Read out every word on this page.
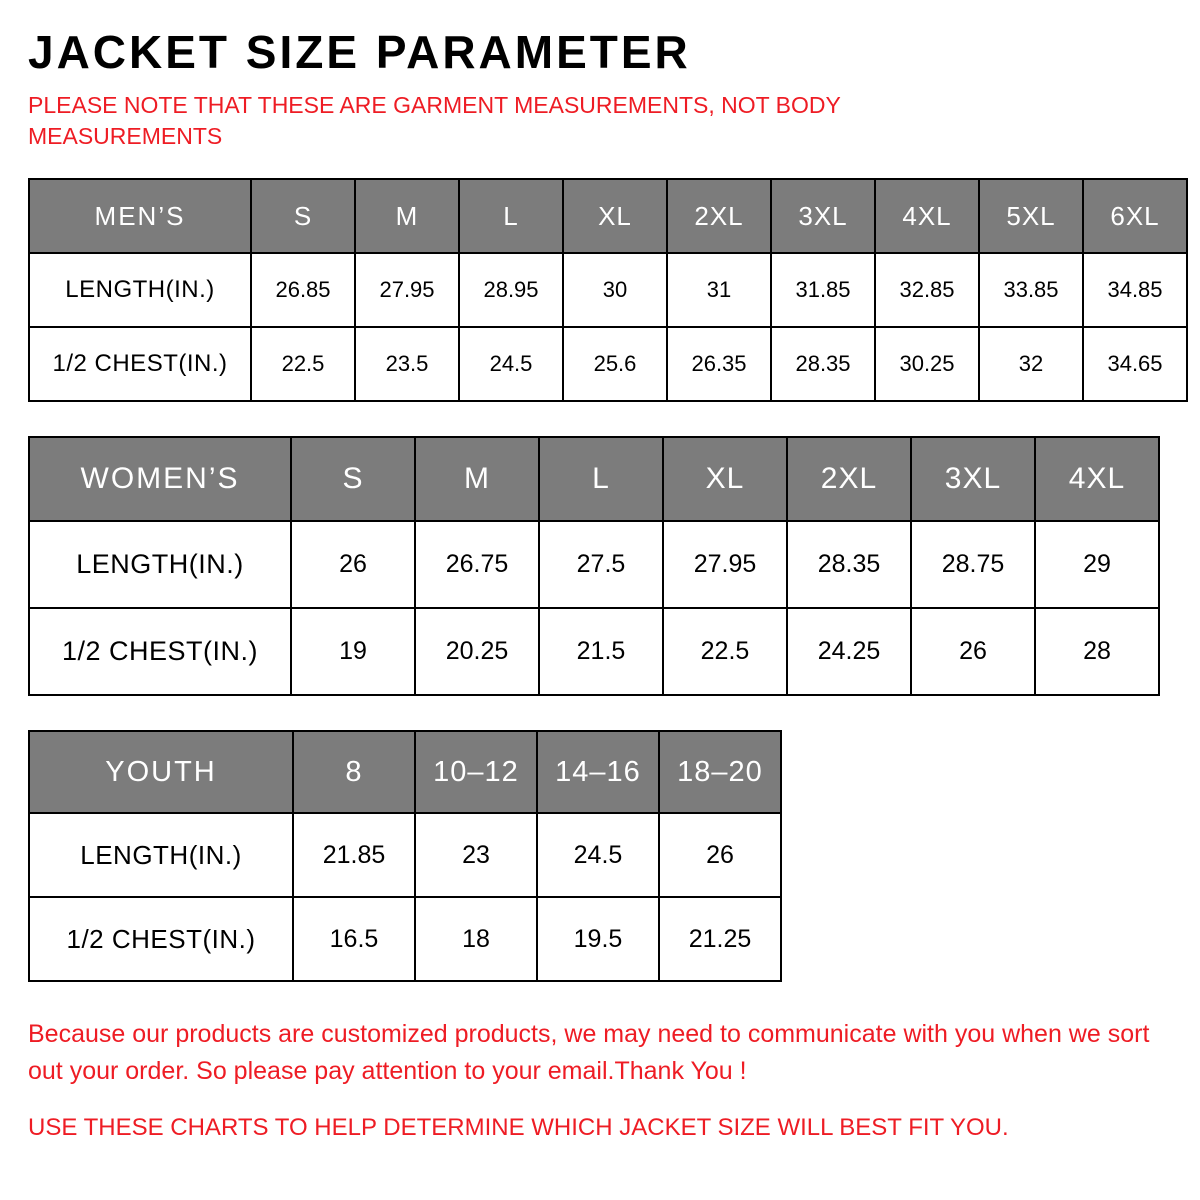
JACKET SIZE PARAMETER

PLEASE NOTE THAT THESE ARE GARMENT MEASUREMENTS, NOT BODY MEASUREMENTS

MEN’S	S	M	L	XL	2XL	3XL	4XL	5XL	6XL
LENGTH(IN.)	26.85	27.95	28.95	30	31	31.85	32.85	33.85	34.85
1/2 CHEST(IN.)	22.5	23.5	24.5	25.6	26.35	28.35	30.25	32	34.65
WOMEN’S	S	M	L	XL	2XL	3XL	4XL
LENGTH(IN.)	26	26.75	27.5	27.95	28.35	28.75	29
1/2 CHEST(IN.)	19	20.25	21.5	22.5	24.25	26	28
YOUTH	8	10–12	14–16	18–20
LENGTH(IN.)	21.85	23	24.5	26
1/2 CHEST(IN.)	16.5	18	19.5	21.25

Because our products are customized products, we may need to communicate with you when we sort out your order. So please pay attention to your email.Thank You !

USE THESE CHARTS TO HELP DETERMINE WHICH JACKET SIZE WILL BEST FIT YOU.
